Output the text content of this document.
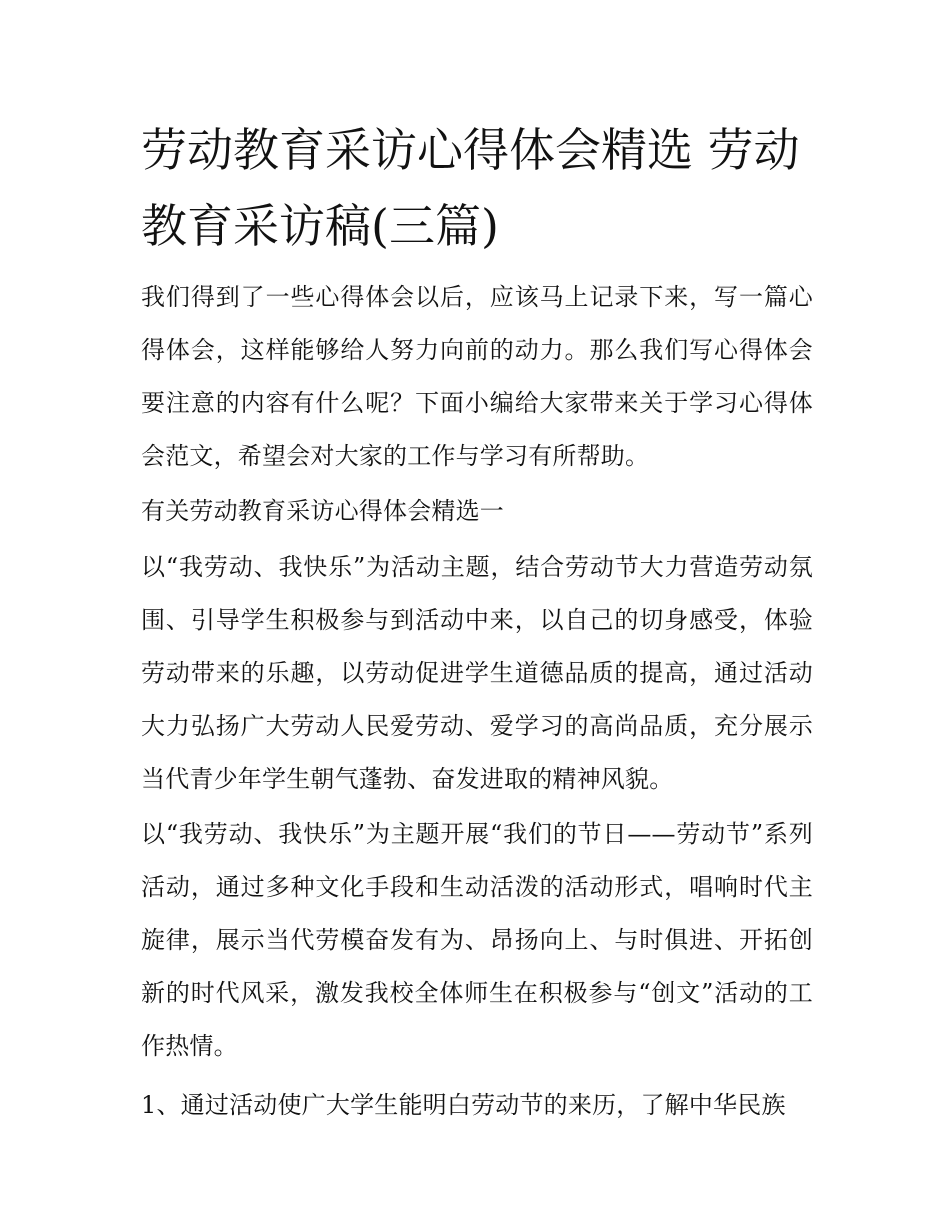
劳动教育采访心得体会精选 劳动教育采访稿(三篇)

我们得到了一些心得体会以后，应该马上记录下来，写一篇心得体会，这样能够给人努力向前的动力。那么我们写心得体会要注意的内容有什么呢？下面小编给大家带来关于学习心得体会范文，希望会对大家的工作与学习有所帮助。

有关劳动教育采访心得体会精选一

以“我劳动、我快乐”为活动主题，结合劳动节大力营造劳动氛围、引导学生积极参与到活动中来，以自己的切身感受，体验劳动带来的乐趣，以劳动促进学生道德品质的提高，通过活动大力弘扬广大劳动人民爱劳动、爱学习的高尚品质，充分展示当代青少年学生朝气蓬勃、奋发进取的精神风貌。

以“我劳动、我快乐”为主题开展“我们的节日——劳动节”系列活动，通过多种文化手段和生动活泼的活动形式，唱响时代主旋律，展示当代劳模奋发有为、昂扬向上、与时俱进、开拓创新的时代风采，激发我校全体师生在积极参与“创文”活动的工作热情。

1、通过活动使广大学生能明白劳动节的来历，了解中华民族
